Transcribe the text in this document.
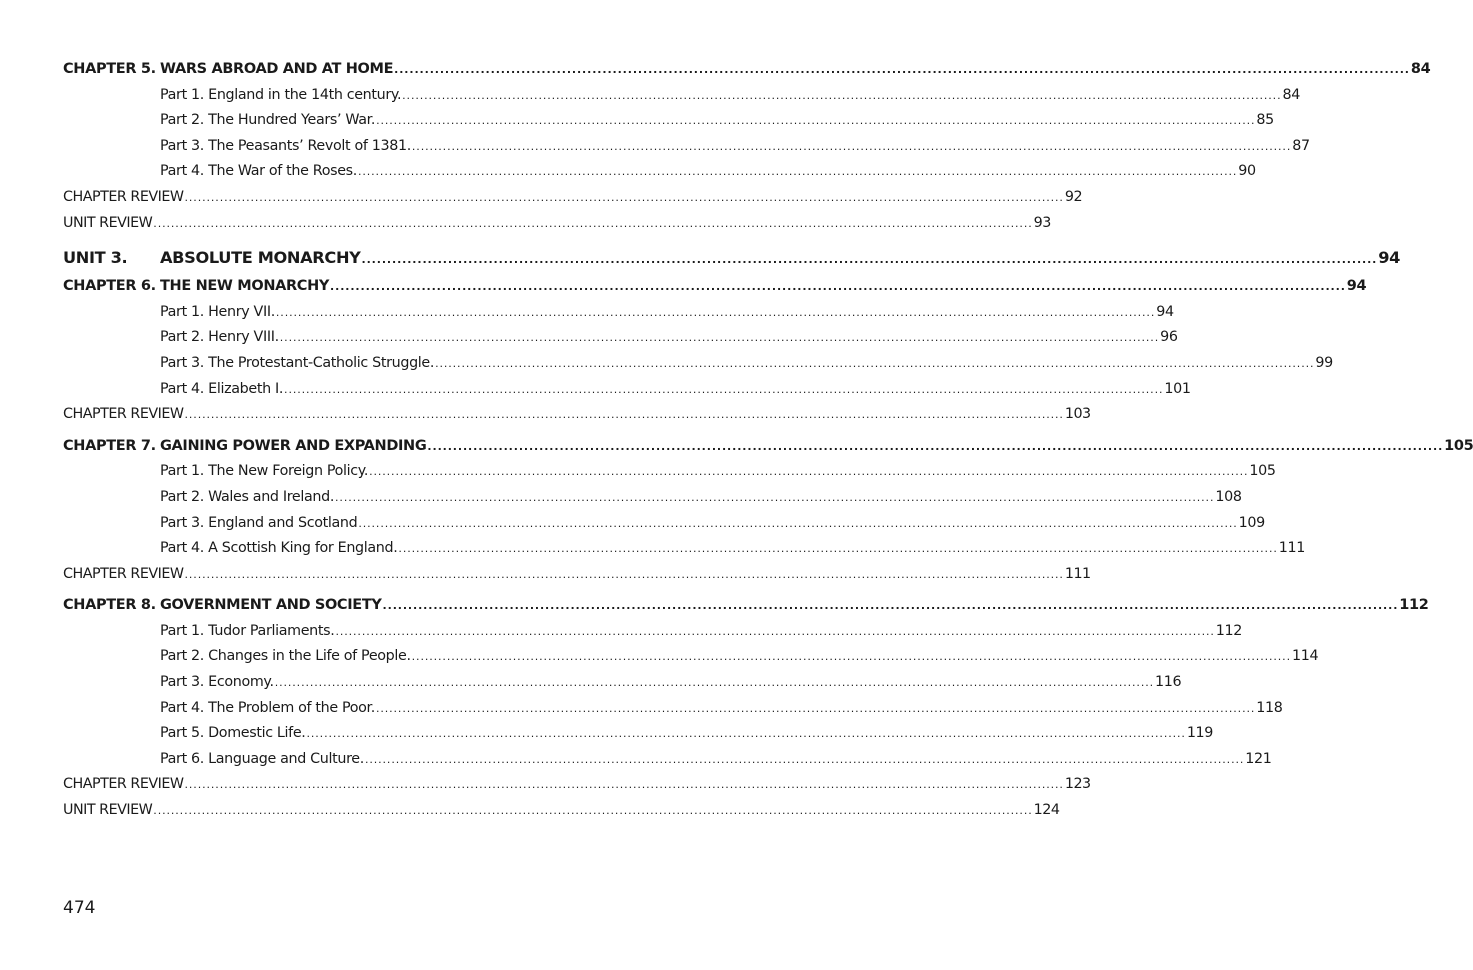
CHAPTER 5. WARS ABROAD AND AT HOME ........................................................................................................................................................................................................ 84
Part 1. England in the 14th century. ........................................................................................................................................................................................................ 84
Part 2. The Hundred Years’ War. ........................................................................................................................................................................................................ 85
Part 3. The Peasants’ Revolt of 1381. ........................................................................................................................................................................................................ 87
Part 4. The War of the Roses. ........................................................................................................................................................................................................ 90
CHAPTER REVIEW ........................................................................................................................................................................................................ 92
UNIT REVIEW ........................................................................................................................................................................................................ 93
UNIT 3.	ABSOLUTE MONARCHY ........................................................................................................................................................................................................ 94
CHAPTER 6. THE NEW MONARCHY ........................................................................................................................................................................................................ 94
Part 1. Henry VII. ........................................................................................................................................................................................................ 94
Part 2. Henry VIII. ........................................................................................................................................................................................................ 96
Part 3. The Protestant-Catholic Struggle. ........................................................................................................................................................................................................ 99
Part 4. Elizabeth I. ........................................................................................................................................................................................................ 101
CHAPTER REVIEW ........................................................................................................................................................................................................ 103
CHAPTER 7. GAINING POWER AND EXPANDING ........................................................................................................................................................................................................ 105
Part 1. The New Foreign Policy. ........................................................................................................................................................................................................ 105
Part 2. Wales and Ireland. ........................................................................................................................................................................................................ 108
Part 3. England and Scotland ........................................................................................................................................................................................................ 109
Part 4. A Scottish King for England. ........................................................................................................................................................................................................ 111
CHAPTER REVIEW ........................................................................................................................................................................................................ 111
CHAPTER 8. GOVERNMENT AND SOCIETY ........................................................................................................................................................................................................ 112
Part 1. Tudor Parliaments. ........................................................................................................................................................................................................ 112
Part 2. Changes in the Life of People. ........................................................................................................................................................................................................ 114
Part 3. Economy. ........................................................................................................................................................................................................ 116
Part 4. The Problem of the Poor. ........................................................................................................................................................................................................ 118
Part 5. Domestic Life. ........................................................................................................................................................................................................ 119
Part 6. Language and Culture. ........................................................................................................................................................................................................ 121
CHAPTER REVIEW ........................................................................................................................................................................................................ 123
UNIT REVIEW ........................................................................................................................................................................................................ 124
474
